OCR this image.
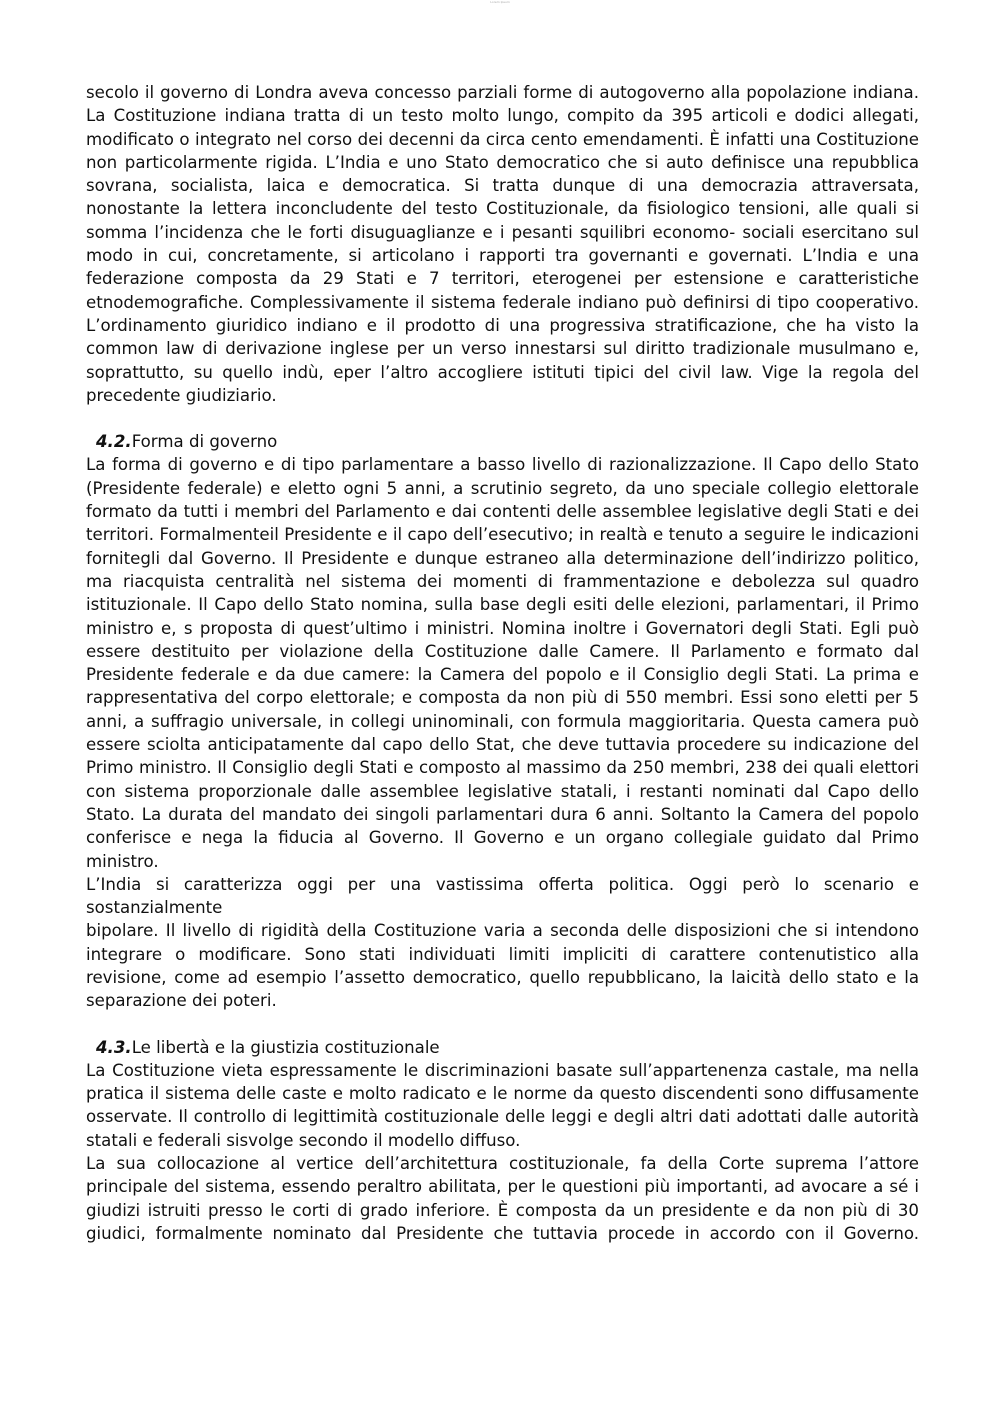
Lorem Ipsum

secolo il governo di Londra aveva concesso parziali forme di autogoverno alla popolazione indiana. La Costituzione indiana tratta di un testo molto lungo, compito da 395 articoli e dodici allegati, modificato o integrato nel corso dei decenni da circa cento emendamenti. È infatti una Costituzione non particolarmente rigida. L’India e uno Stato democratico che si auto definisce una repubblica sovrana, socialista, laica e democratica. Si tratta dunque di una democrazia attraversata, nonostante la lettera inconcludente del testo Costituzionale, da fisiologico tensioni, alle quali si somma l’incidenza che le forti disuguaglianze e i pesanti squilibri economo- sociali esercitano sul modo in cui, concretamente, si articolano i rapporti tra governanti e governati. L’India e una federazione composta da 29 Stati e 7 territori, eterogenei per estensione e caratteristiche etnodemografiche. Complessivamente il sistema federale indiano può definirsi di tipo cooperativo. L’ordinamento giuridico indiano e il prodotto di una progressiva stratificazione, che ha visto la common law di derivazione inglese per un verso innestarsi sul diritto tradizionale musulmano e, soprattutto, su quello indù, eper l’altro accogliere istituti tipici del civil law. Vige la regola del precedente giudiziario.

4.2.Forma di governo

La forma di governo e di tipo parlamentare a basso livello di razionalizzazione. Il Capo dello Stato (Presidente federale) e eletto ogni 5 anni, a scrutinio segreto, da uno speciale collegio elettorale formato da tutti i membri del Parlamento e dai contenti delle assemblee legislative degli Stati e dei territori. Formalmenteil Presidente e il capo dell’esecutivo; in realtà e tenuto a seguire le indicazioni fornitegli dal Governo. Il Presidente e dunque estraneo alla determinazione dell’indirizzo politico, ma riacquista centralità nel sistema dei momenti di frammentazione e debolezza sul quadro istituzionale. Il Capo dello Stato nomina, sulla base degli esiti delle elezioni, parlamentari, il Primo ministro e, s proposta di quest’ultimo i ministri. Nomina inoltre i Governatori degli Stati. Egli può essere destituito per violazione della Costituzione dalle Camere. Il Parlamento e formato dal Presidente federale e da due camere: la Camera del popolo e il Consiglio degli Stati. La prima e rappresentativa del corpo elettorale; e composta da non più di 550 membri. Essi sono eletti per 5 anni, a suffragio universale, in collegi uninominali, con formula maggioritaria. Questa camera può essere sciolta anticipatamente dal capo dello Stat, che deve tuttavia procedere su indicazione del Primo ministro. Il Consiglio degli Stati e composto al massimo da 250 membri, 238 dei quali elettori con sistema proporzionale dalle assemblee legislative statali, i restanti nominati dal Capo dello Stato. La durata del mandato dei singoli parlamentari dura 6 anni. Soltanto la Camera del popolo conferisce e nega la fiducia al Governo. Il Governo e un organo collegiale guidato dal Primo ministro.

L’India si caratterizza oggi per una vastissima offerta politica. Oggi però lo scenario e sostanzialmente

bipolare. Il livello di rigidità della Costituzione varia a seconda delle disposizioni che si intendono integrare o modificare. Sono stati individuati limiti impliciti di carattere contenutistico alla revisione, come ad esempio l’assetto democratico, quello repubblicano, la laicità dello stato e la separazione dei poteri.

4.3.Le libertà e la giustizia costituzionale

La Costituzione vieta espressamente le discriminazioni basate sull’appartenenza castale, ma nella pratica il sistema delle caste e molto radicato e le norme da questo discendenti sono diffusamente osservate. Il controllo di legittimità costituzionale delle leggi e degli altri dati adottati dalle autorità statali e federali sisvolge secondo il modello diffuso.

La sua collocazione al vertice dell’architettura costituzionale, fa della Corte suprema l’attore principale del sistema, essendo peraltro abilitata, per le questioni più importanti, ad avocare a sé i giudizi istruiti presso le corti di grado inferiore. È composta da un presidente e da non più di 30 giudici, formalmente nominato dal Presidente che tuttavia procede in accordo con il Governo.
